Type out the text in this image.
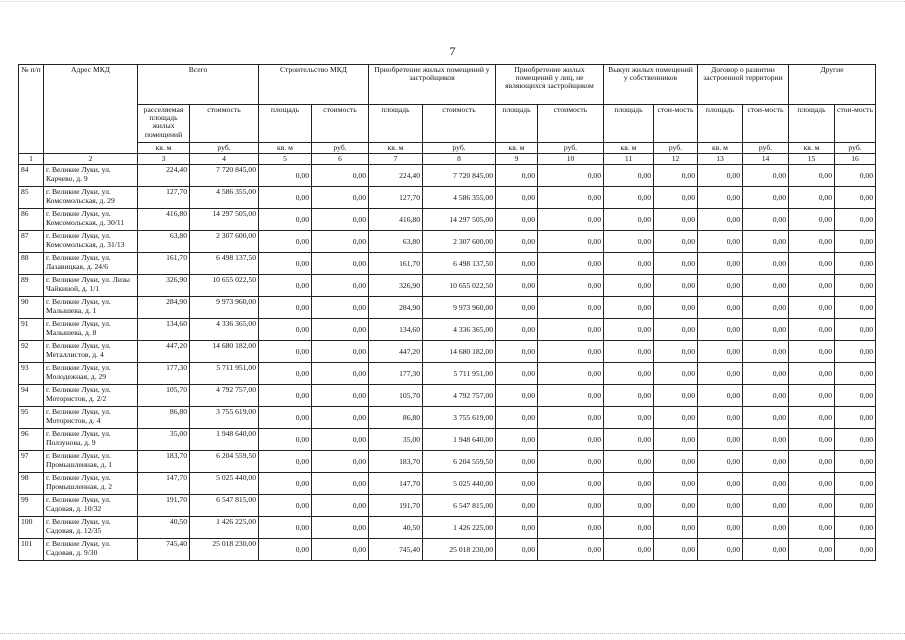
7
№ п/п	Адрес МКД	Всего		Строительство МКД		Приобретение жилых помещений у застройщиков		Приобретение жилых помещений у лиц, не являющихся застройщиком		Выкуп жилых помещений у собственников		Договор о развитии застроенной территории		Другие	
		расселяемая площадь жилых помещений	стоимость	площадь	стоимость	площадь	стоимость	площадь	стоимость	площадь	стои-мость	площадь	стои-мость	площадь	стои-мость
		кв. м	руб.	кв. м	руб.	кв. м	руб.	кв. м	руб.	кв. м	руб.	кв. м	руб.	кв. м	руб.
1	2	3	4	5	6	7	8	9	10	11	12	13	14	15	16
84	г. Великие Луки, ул. Карчево, д. 9	224,40	7 720 845,00	0,00	0,00	224,40	7 720 845,00	0,00	0,00	0,00	0,00	0,00	0,00	0,00	0,00
85	г. Великие Луки, ул. Комсомольская, д. 29	127,70	4 586 355,00	0,00	0,00	127,70	4 586 355,00	0,00	0,00	0,00	0,00	0,00	0,00	0,00	0,00
86	г. Великие Луки, ул. Комсомольская, д. 30/11	416,80	14 297 505,00	0,00	0,00	416,80	14 297 505,00	0,00	0,00	0,00	0,00	0,00	0,00	0,00	0,00
87	г. Великие Луки, ул. Комсомольская, д. 31/13	63,80	2 307 600,00	0,00	0,00	63,80	2 307 600,00	0,00	0,00	0,00	0,00	0,00	0,00	0,00	0,00
88	г. Великие Луки, ул. Лазавицкая, д. 24/6	161,70	6 498 137,50	0,00	0,00	161,70	6 498 137,50	0,00	0,00	0,00	0,00	0,00	0,00	0,00	0,00
89	г. Великие Луки, ул. Лизы Чайкиной, д. 1/1	326,90	10 655 022,50	0,00	0,00	326,90	10 655 022,50	0,00	0,00	0,00	0,00	0,00	0,00	0,00	0,00
90	г. Великие Луки, ул. Малышева, д. 1	284,90	9 973 960,00	0,00	0,00	284,90	9 973 960,00	0,00	0,00	0,00	0,00	0,00	0,00	0,00	0,00
91	г. Великие Луки, ул. Малышева, д. 8	134,60	4 336 365,00	0,00	0,00	134,60	4 336 365,00	0,00	0,00	0,00	0,00	0,00	0,00	0,00	0,00
92	г. Великие Луки, ул. Металлистов, д. 4	447,20	14 680 182,00	0,00	0,00	447,20	14 680 182,00	0,00	0,00	0,00	0,00	0,00	0,00	0,00	0,00
93	г. Великие Луки, ул. Молодежная, д. 29	177,30	5 711 951,00	0,00	0,00	177,30	5 711 951,00	0,00	0,00	0,00	0,00	0,00	0,00	0,00	0,00
94	г. Великие Луки, ул. Мотористов, д. 2/2	105,70	4 792 757,00	0,00	0,00	105,70	4 792 757,00	0,00	0,00	0,00	0,00	0,00	0,00	0,00	0,00
95	г. Великие Луки, ул. Мотористов, д. 4	86,80	3 755 619,00	0,00	0,00	86,80	3 755 619,00	0,00	0,00	0,00	0,00	0,00	0,00	0,00	0,00
96	г. Великие Луки, ул. Ползунова, д. 9	35,00	1 948 640,00	0,00	0,00	35,00	1 948 640,00	0,00	0,00	0,00	0,00	0,00	0,00	0,00	0,00
97	г. Великие Луки, ул. Промышленная, д. 1	183,70	6 204 559,50	0,00	0,00	183,70	6 204 559,50	0,00	0,00	0,00	0,00	0,00	0,00	0,00	0,00
98	г. Великие Луки, ул. Промышленная, д. 2	147,70	5 025 440,00	0,00	0,00	147,70	5 025 440,00	0,00	0,00	0,00	0,00	0,00	0,00	0,00	0,00
99	г. Великие Луки, ул. Садовая, д. 10/32	191,70	6 547 815,00	0,00	0,00	191,70	6 547 815,00	0,00	0,00	0,00	0,00	0,00	0,00	0,00	0,00
100	г. Великие Луки, ул. Садовая, д. 12/35	40,50	1 426 225,00	0,00	0,00	40,50	1 426 225,00	0,00	0,00	0,00	0,00	0,00	0,00	0,00	0,00
101	г. Великие Луки, ул. Садовая, д. 9/30	745,40	25 018 230,00	0,00	0,00	745,40	25 018 230,00	0,00	0,00	0,00	0,00	0,00	0,00	0,00	0,00
